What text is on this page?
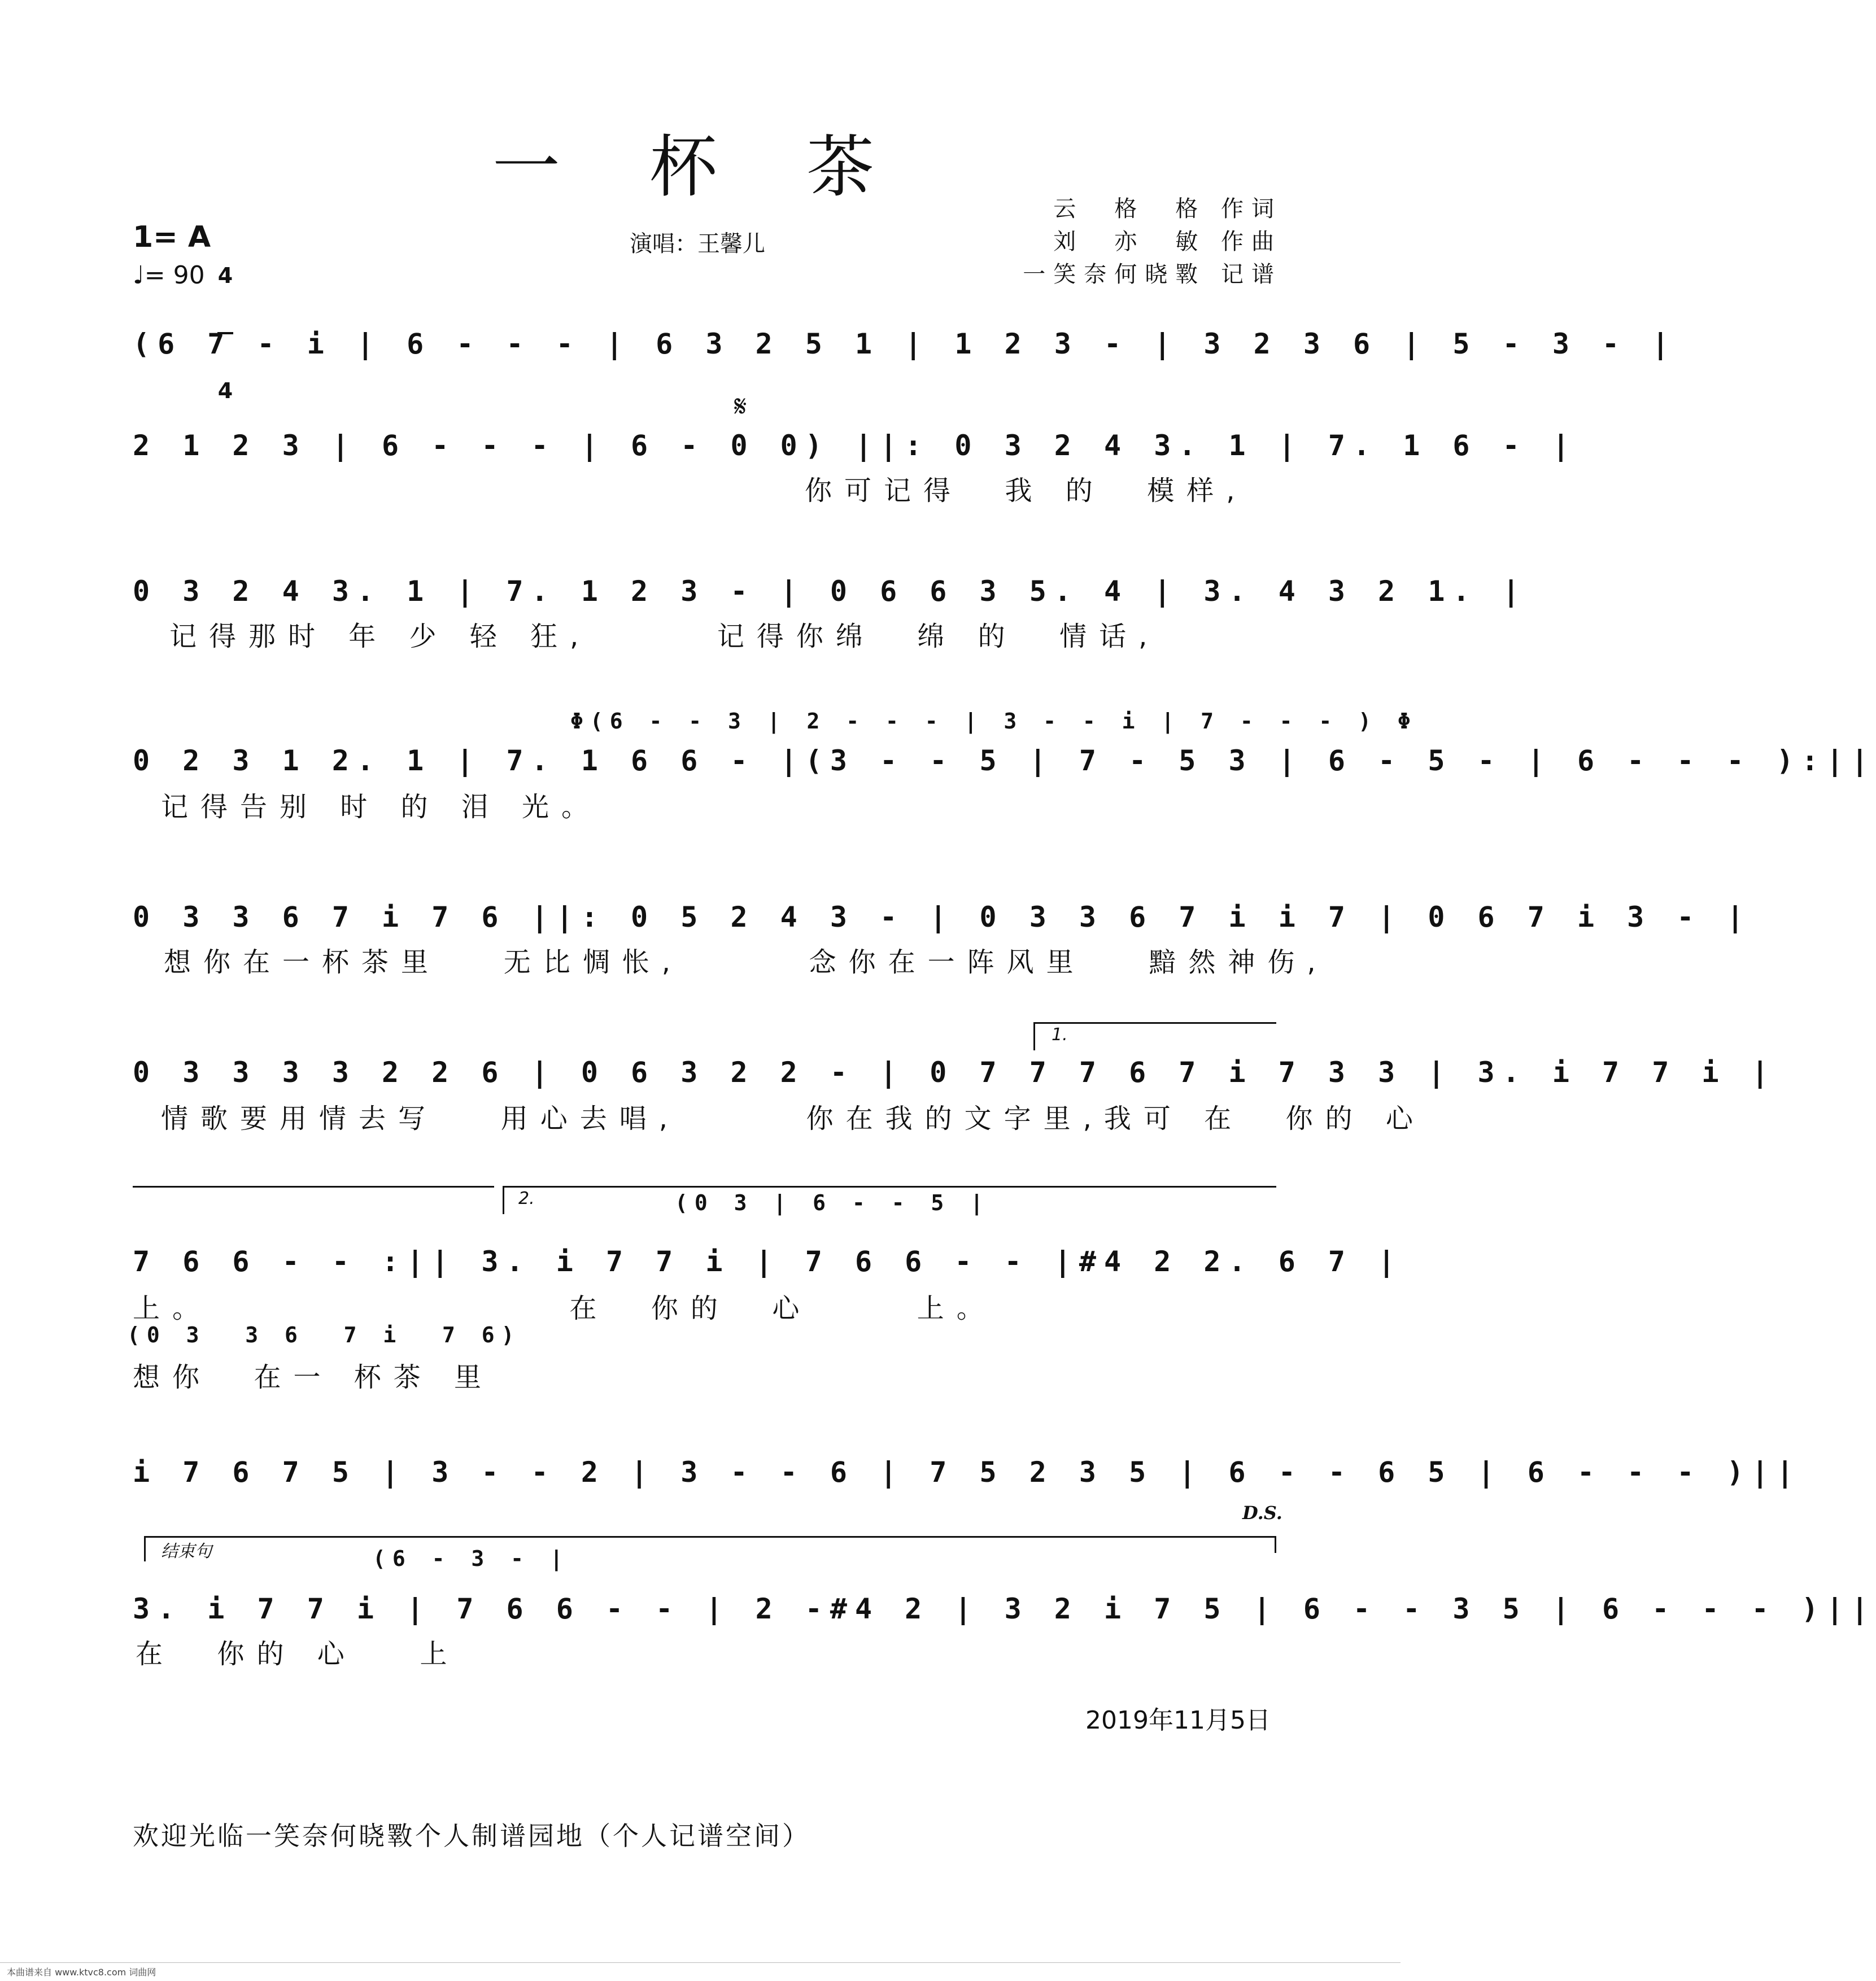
一 杯 茶
云　格　格 作词
刘　亦　敏 作曲
一笑奈何晓斁 记谱
1= A

4

4

♩= 90
演唱：王馨儿
(6 7 - i | 6 - - - | 6 3 2 5 1 | 1 2 3 - | 3 2 3 6 | 5 - 3 - |
𝄋
2 1 2 3 | 6 - - - | 6 - 0 0) ||: 0 3 2 4 3. 1 | 7. 1 6 - |
你可记得  我 的  模样,
0 3 2 4 3. 1 | 7. 1 2 3 - | 0 6 6 3 5. 4 | 3. 4 3 2 1. |
记得那时 年 少 轻 狂,      记得你绵  绵 的  情话,
Φ(6 - - 3 | 2 - - - | 3 - - i | 7 - - - ) Φ
0 2 3 1 2. 1 | 7. 1 6 6 - |(3 - - 5 | 7 - 5 3 | 6 - 5 - | 6 - - - ):||
记得告别 时 的 泪 光。
0 3 3 6 7 i 7 6 ||: 0 5 2 4 3 - | 0 3 3 6 7 i i 7 | 0 6 7 i 3 - |
想你在一杯茶里   无比惆怅,      念你在一阵风里   黯然神伤,
1.
0 3 3 3 3 2 2 6 | 0 6 3 2 2 - | 0 7 7 7 6 7 i 7 3 3 | 3. i 7 7 i |
情歌要用情去写   用心去唱,      你在我的文字里,我可 在  你的 心
2.	(0 3 | 6 - - 5 |
7 6 6 - - :|| 3. i 7 7 i | 7 6 6 - - |#4 2 2. 6 7 |
上。                 在  你的  心     上。
(0 3  3 6  7 i  7 6)
想你  在一 杯茶 里
i 7 6 7 5 | 3 - - 2 | 3 - - 6 | 7 5 2 3 5 | 6 - - 6 5 | 6 - - - )||
D.S.
结束句	(6 - 3 - |
3. i 7 7 i | 7 6 6 - - | 2 -#4 2 | 3 2 i 7 5 | 6 - - 3 5 | 6 - - - )||
在  你的 心   上
2019年11月5日
欢迎光临一笑奈何晓斁个人制谱园地（个人记谱空间）
本曲谱来自 www.ktvc8.com 词曲网
